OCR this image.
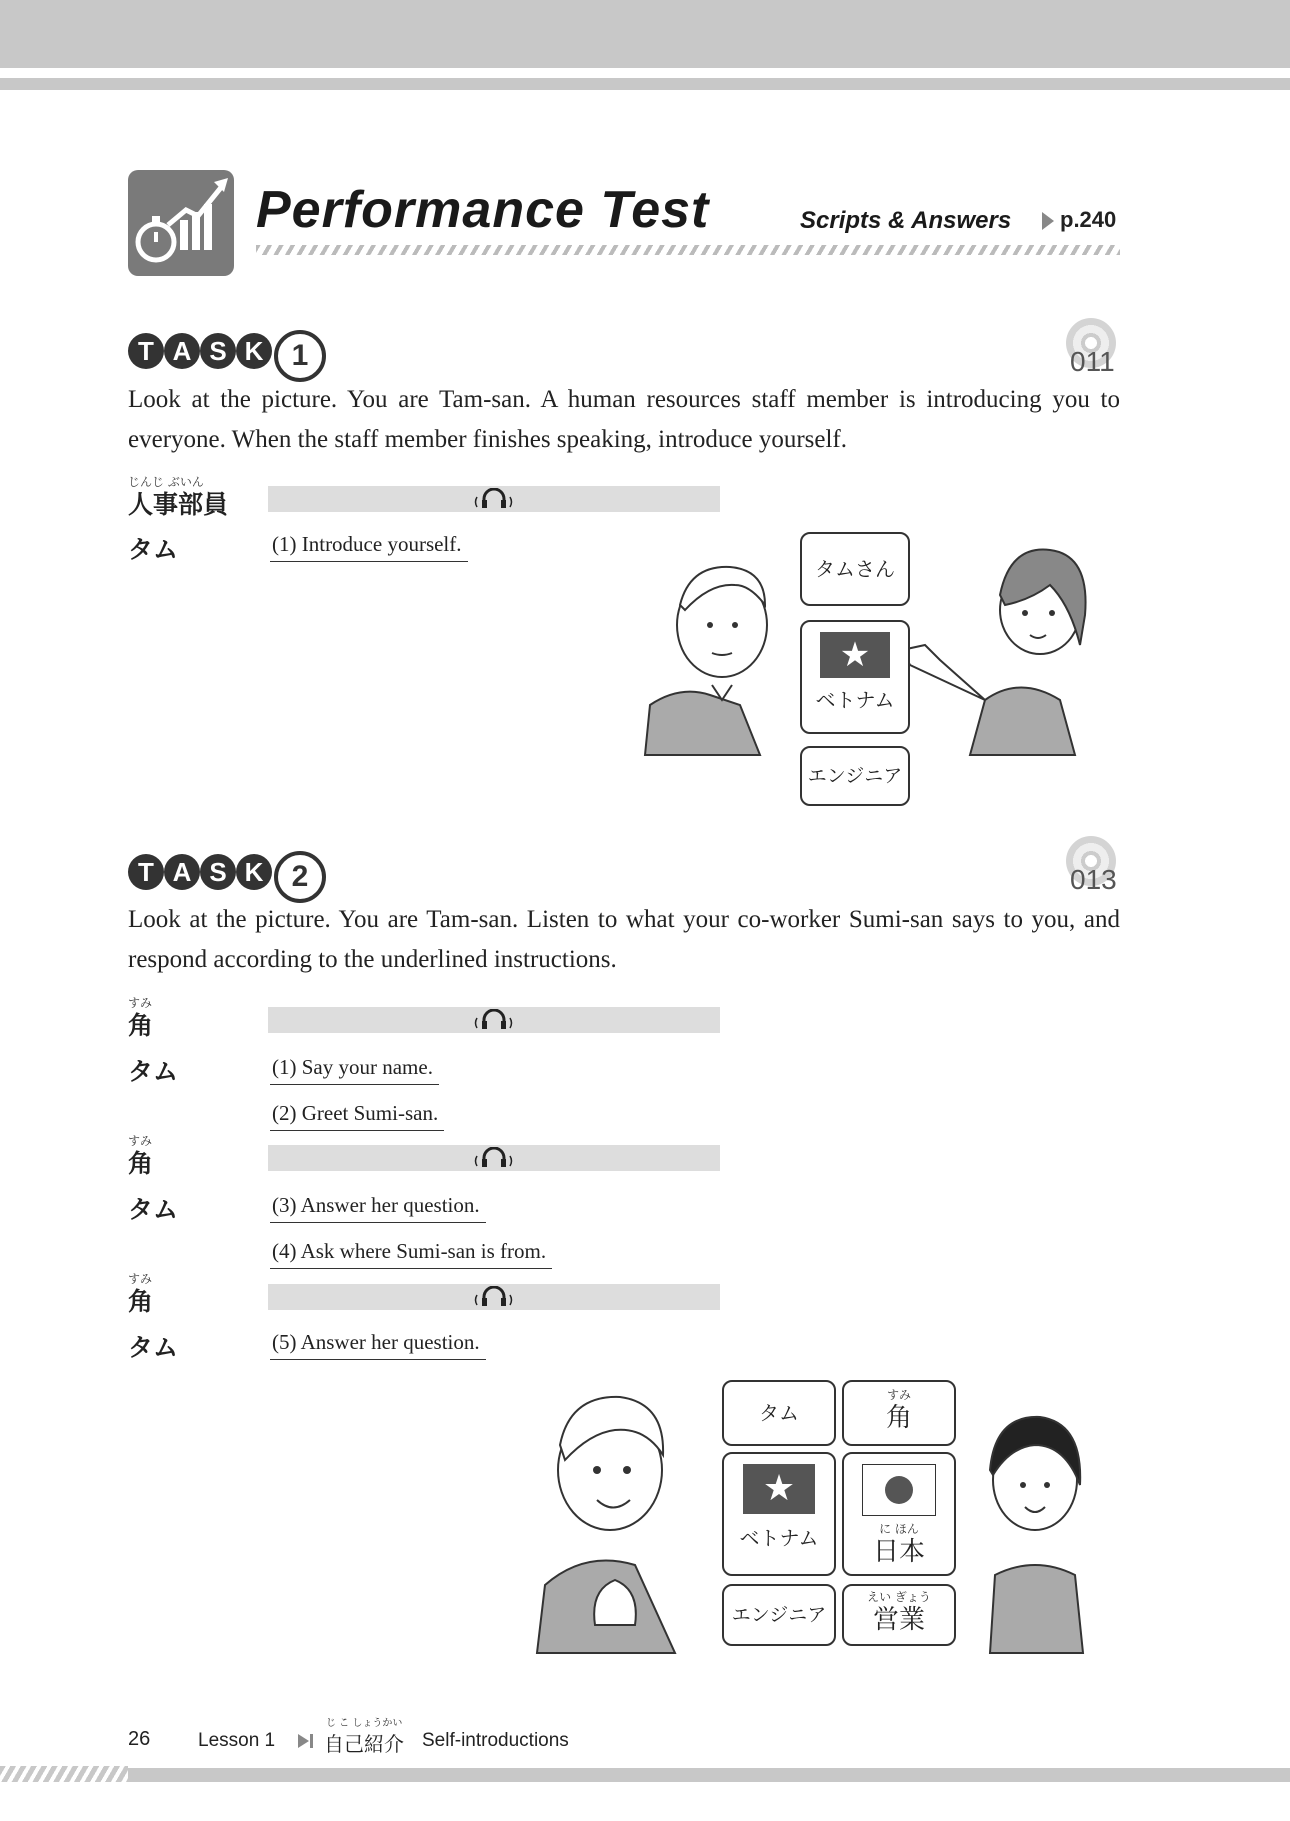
Performance Test	Scripts & Answers p.240
T A S K 1	011
Look at the picture. You are Tam-san. A human resources staff member is introducing you to everyone. When the staff member finishes speaking, introduce yourself.
じんじ ぶいん
人事部員
タム	(1) Introduce yourself.
タムさん
★
ベトナム
エンジニア
T A S K 2	013
Look at the picture. You are Tam-san. Listen to what your co-worker Sumi-san says to you, and respond according to the underlined instructions.
すみ
角
タム	(1) Say your name.
(2) Greet Sumi-san.
すみ
角
タム	(3) Answer her question.
(4) Ask where Sumi-san is from.
すみ
角
タム	(5) Answer her question.
タム
★
ベトナム
エンジニア
すみ
角
に ほん
日本
えい ぎょう
営業
26	Lesson 1
じ こ しょうかい
自己紹介 Self-introductions
